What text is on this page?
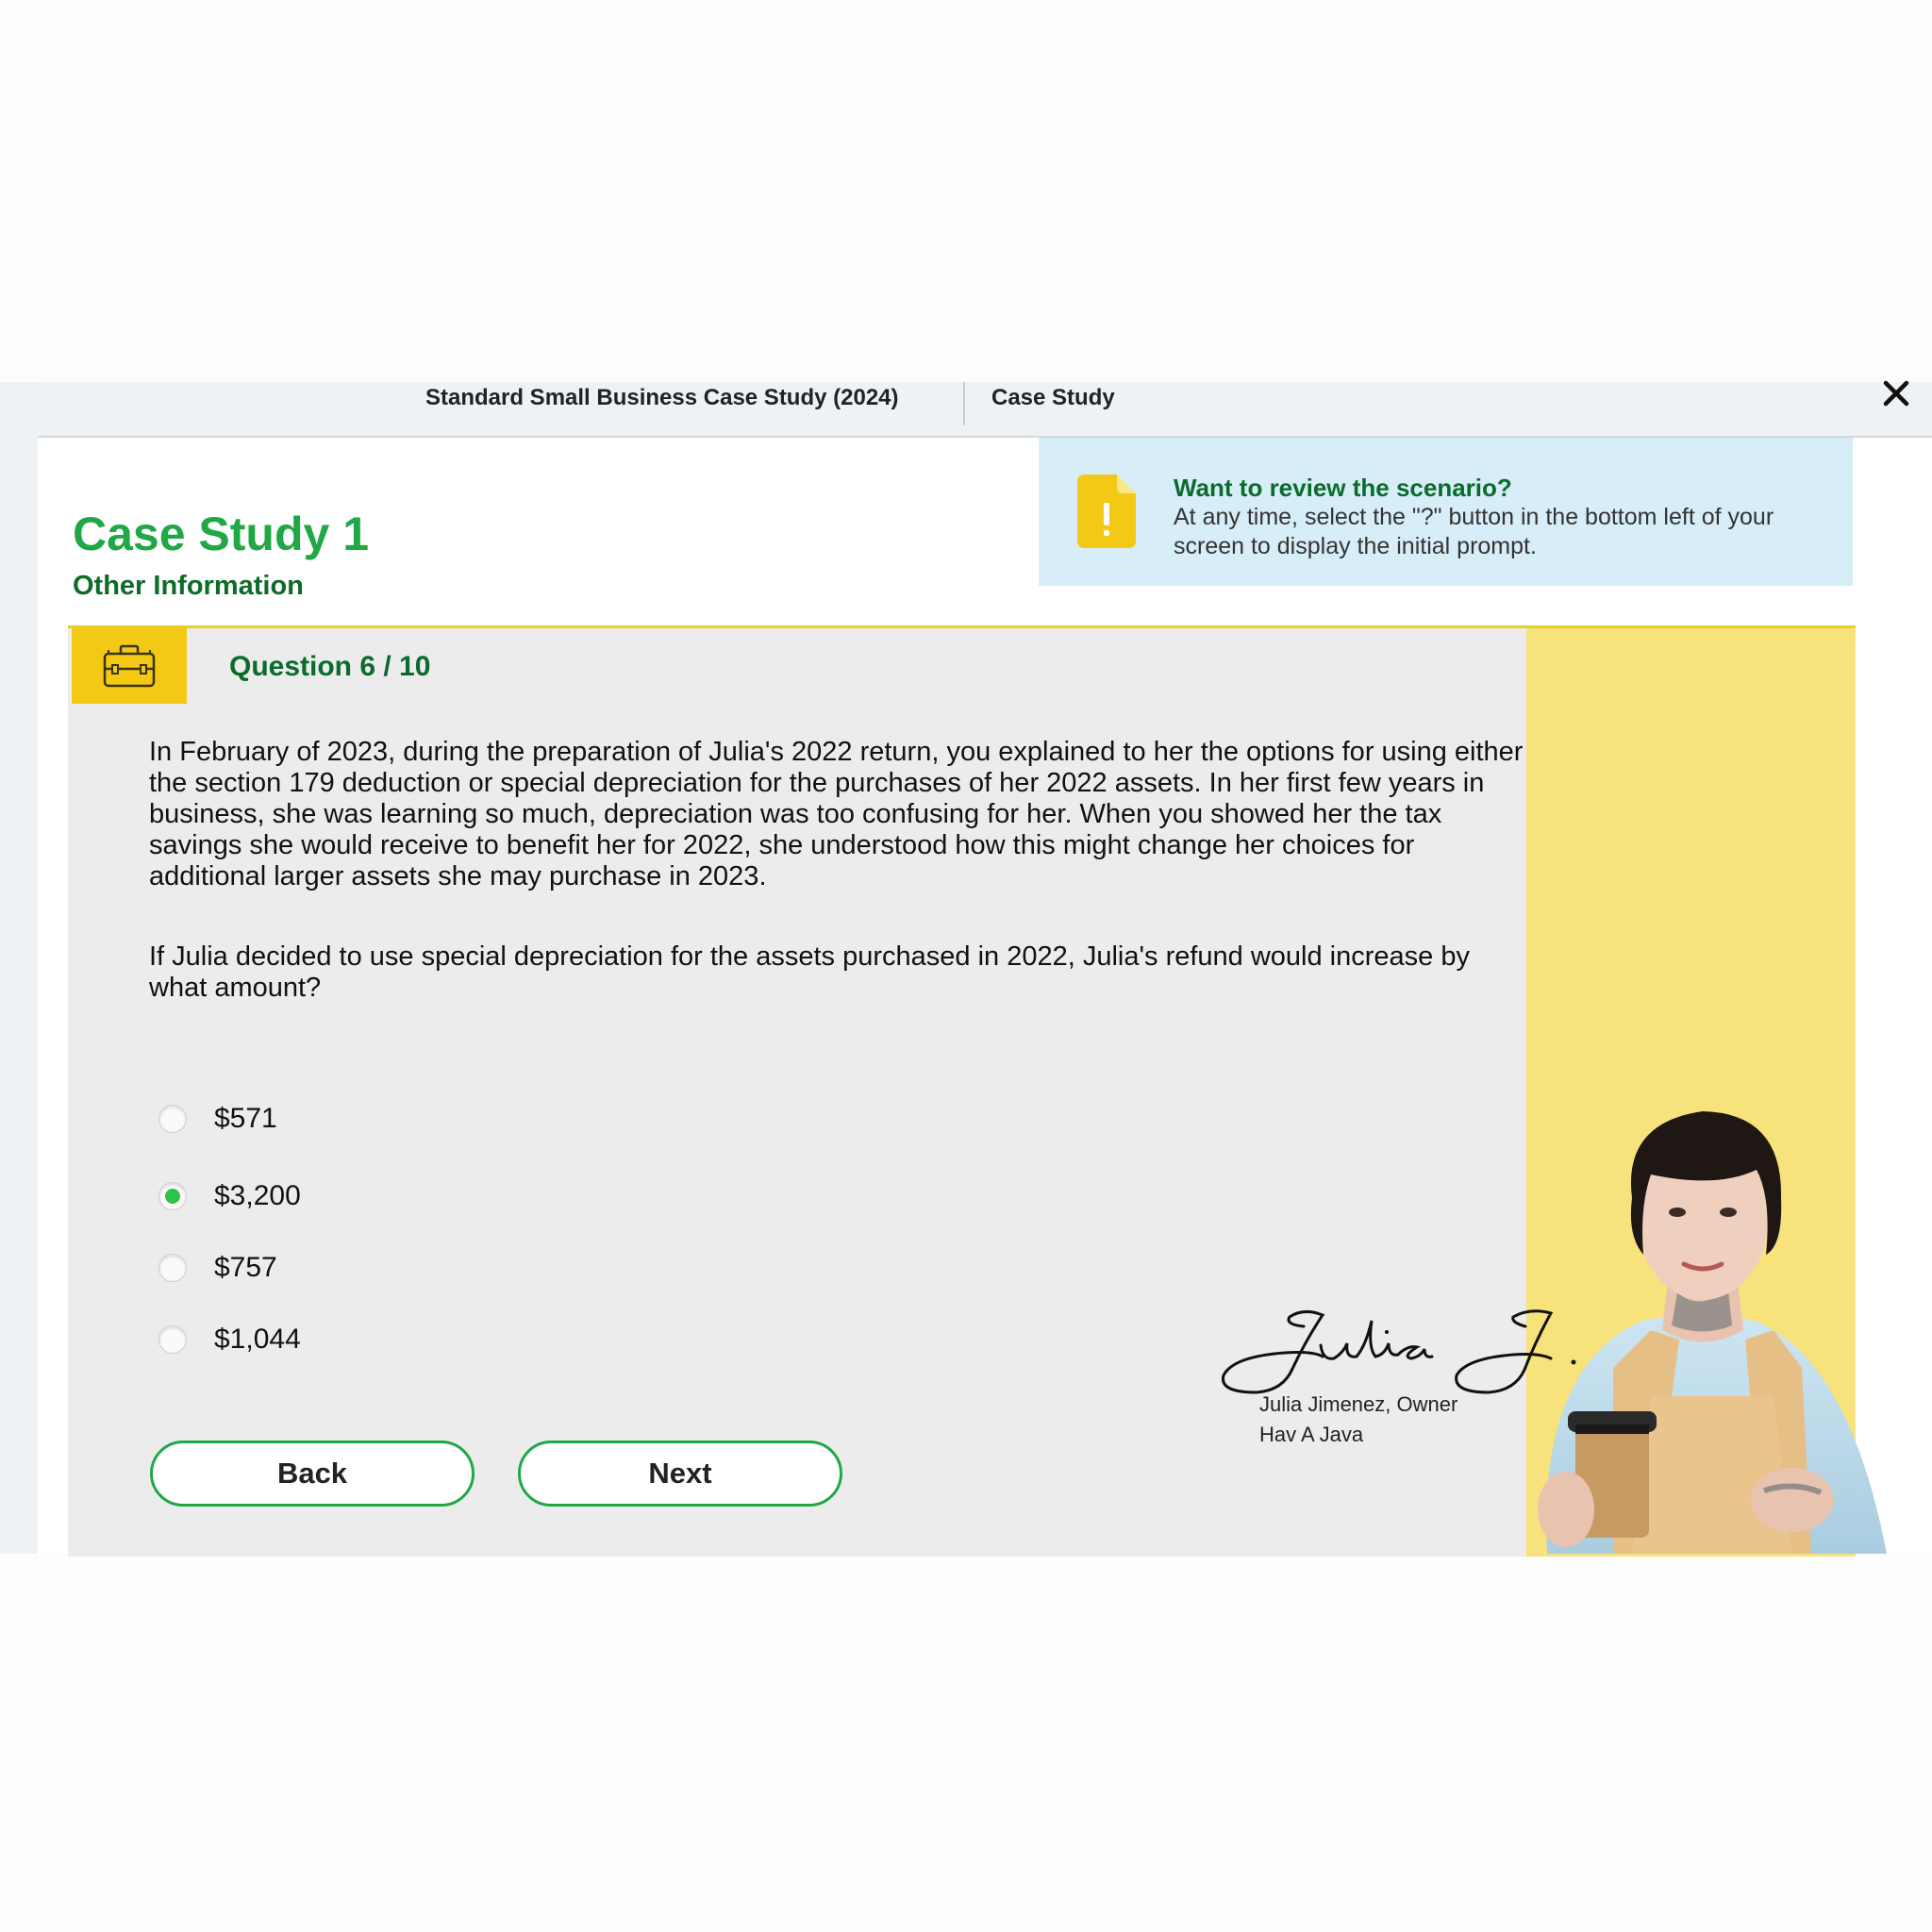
Standard Small Business Case Study (2024)	Case Study
Case Study 1
Other Information
Want to review the scenario?
At any time, select the "?" button in the bottom left of your screen to display the initial prompt.
Question 6 / 10

In February of 2023, during the preparation of Julia's 2022 return, you explained to her the options for using either the section 179 deduction or special depreciation for the purchases of her 2022 assets. In her first few years in business, she was learning so much, depreciation was too confusing for her. When you showed her the tax savings she would receive to benefit her for 2022, she understood how this might change her choices for additional larger assets she may purchase in 2023.

If Julia decided to use special depreciation for the assets purchased in 2022, Julia's refund would increase by what amount?

$571
$3,200
$757
$1,044
Back	Next
Julia Jimenez, Owner
Hav A Java
